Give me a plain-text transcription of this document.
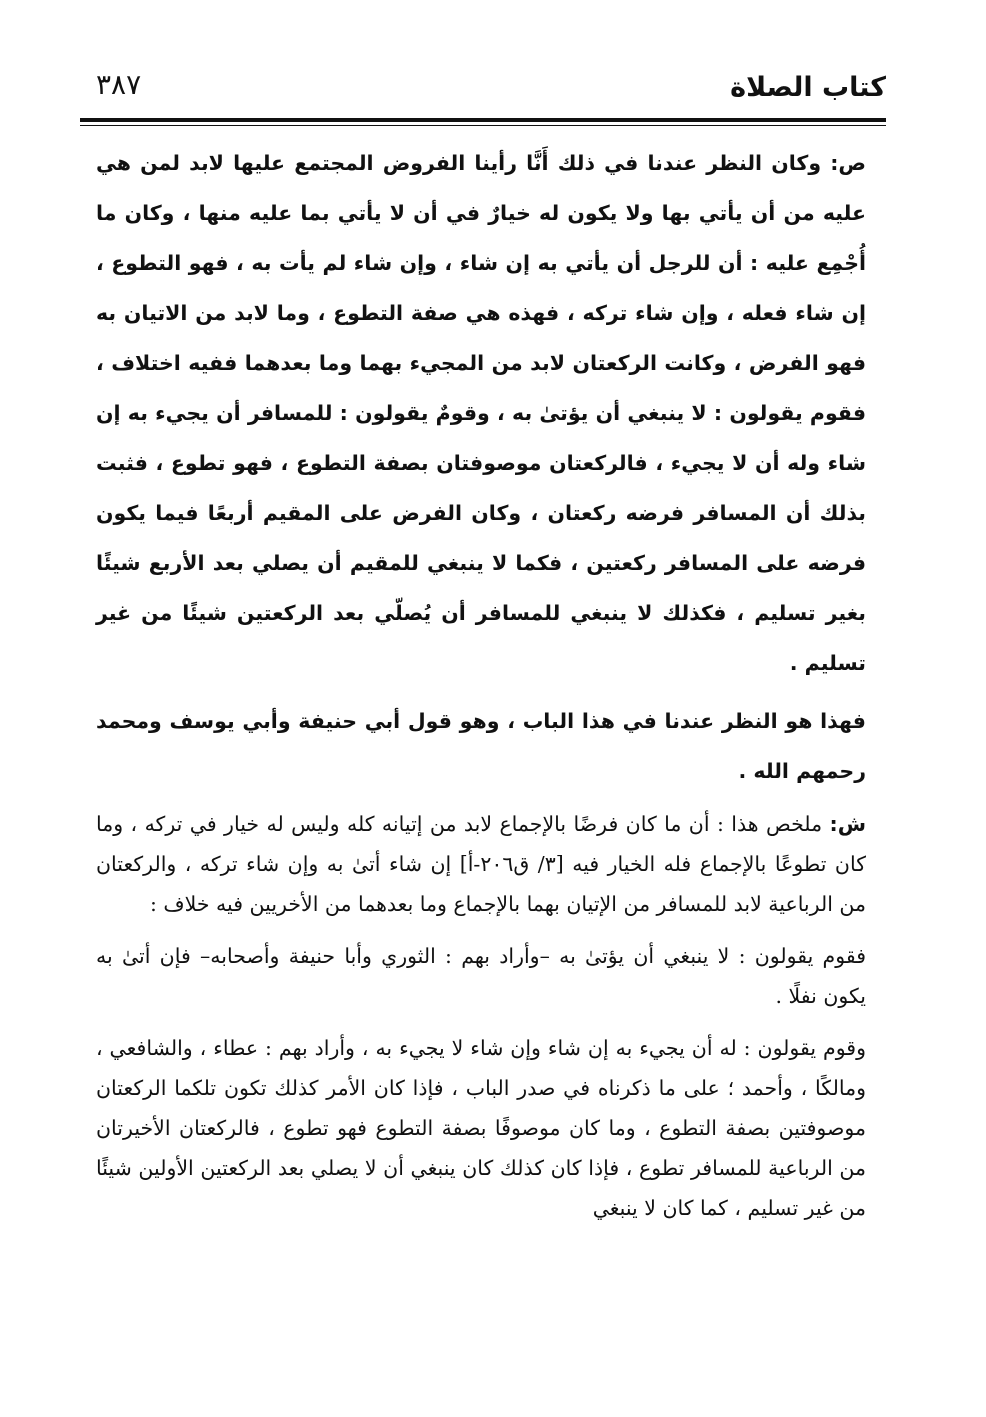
كتاب الصلاة
٣٨٧

ص: وكان النظر عندنا في ذلك أَنَّا رأينا الفروض المجتمع عليها لابد لمن هي عليه من أن يأتي بها ولا يكون له خيارٌ في أن لا يأتي بما عليه منها ، وكان ما أُجْمِع عليه : أن للرجل أن يأتي به إن شاء ، وإن شاء لم يأت به ، فهو التطوع ، إن شاء فعله ، وإن شاء تركه ، فهذه هي صفة التطوع ، وما لابد من الاتيان به فهو الفرض ، وكانت الركعتان لابد من المجيء بهما وما بعدهما ففيه اختلاف ، فقوم يقولون : لا ينبغي أن يؤتىٰ به ، وقومٌ يقولون : للمسافر أن يجيء به إن شاء وله أن لا يجيء ، فالركعتان موصوفتان بصفة التطوع ، فهو تطوع ، فثبت بذلك أن المسافر فرضه ركعتان ، وكان الفرض على المقيم أربعًا فيما يكون فرضه على المسافر ركعتين ، فكما لا ينبغي للمقيم أن يصلي بعد الأربع شيئًا بغير تسليم ، فكذلك لا ينبغي للمسافر أن يُصلّي بعد الركعتين شيئًا من غير تسليم .

فهذا هو النظر عندنا في هذا الباب ، وهو قول أبي حنيفة وأبي يوسف ومحمد رحمهم الله .

ش: ملخص هذا : أن ما كان فرضًا بالإجماع لابد من إتيانه كله وليس له خيار في تركه ، وما كان تطوعًا بالإجماع فله الخيار فيه [٣/ ق٢٠٦-أ] إن شاء أتىٰ به وإن شاء تركه ، والركعتان من الرباعية لابد للمسافر من الإتيان بهما بالإجماع وما بعدهما من الأخريين فيه خلاف :

فقوم يقولون : لا ينبغي أن يؤتىٰ به –وأراد بهم : الثوري وأبا حنيفة وأصحابه– فإن أتىٰ به يكون نفلًا .

وقوم يقولون : له أن يجيء به إن شاء وإن شاء لا يجيء به ، وأراد بهم : عطاء ، والشافعي ، ومالكًا ، وأحمد ؛ على ما ذكرناه في صدر الباب ، فإذا كان الأمر كذلك تكون تلكما الركعتان موصوفتين بصفة التطوع ، وما كان موصوفًا بصفة التطوع فهو تطوع ، فالركعتان الأخيرتان من الرباعية للمسافر تطوع ، فإذا كان كذلك كان ينبغي أن لا يصلي بعد الركعتين الأولين شيئًا من غير تسليم ، كما كان لا ينبغي
